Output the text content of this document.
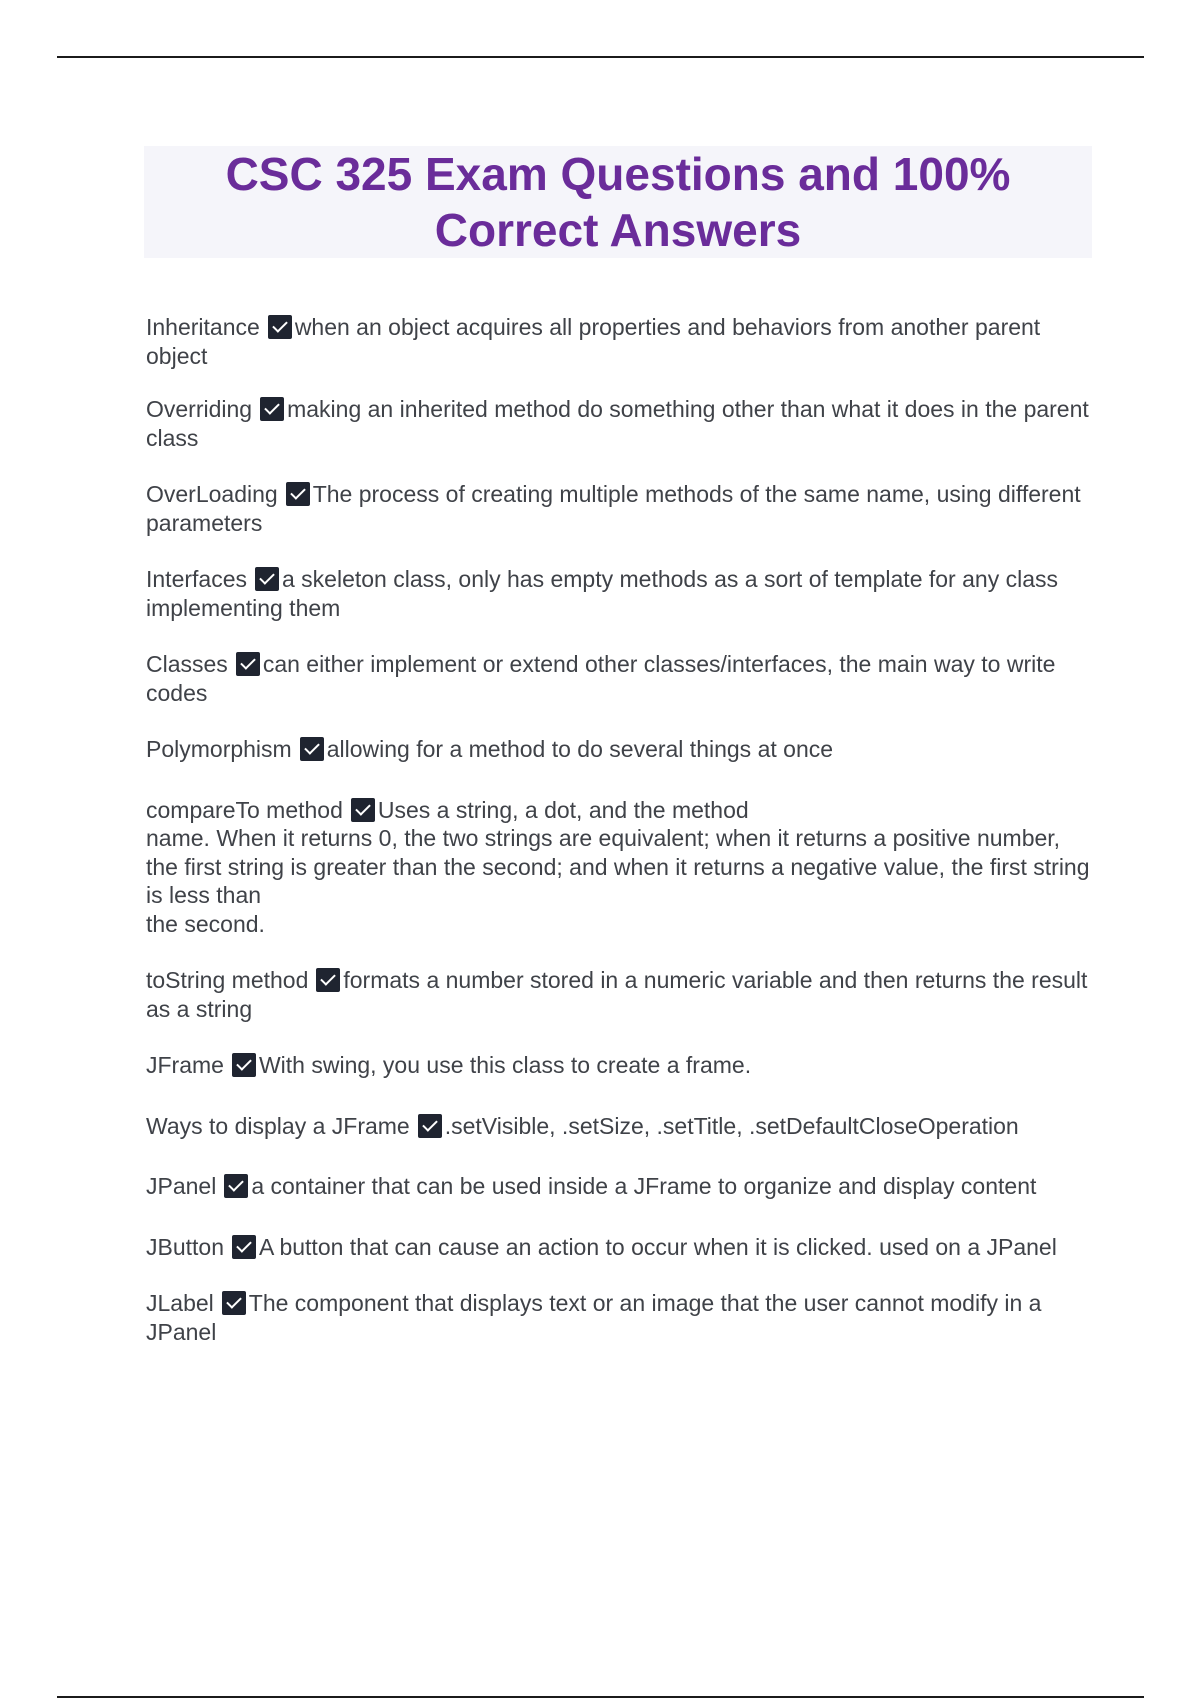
CSC 325 Exam Questions and 100% Correct Answers
Inheritance when an object acquires all properties and behaviors from another parent object
Overriding making an inherited method do something other than what it does in the parent class
OverLoading The process of creating multiple methods of the same name, using different parameters
Interfaces a skeleton class, only has empty methods as a sort of template for any class implementing them
Classes can either implement or extend other classes/interfaces, the main way to write codes
Polymorphism allowing for a method to do several things at once
compareTo method Uses a string, a dot, and the method
name. When it returns 0, the two strings are equivalent; when it returns a positive number, the first string is greater than the second; and when it returns a negative value, the first string is less than
the second.
toString method formats a number stored in a numeric variable and then returns the result as a string
JFrame With swing, you use this class to create a frame.
Ways to display a JFrame .setVisible, .setSize, .setTitle, .setDefaultCloseOperation
JPanel a container that can be used inside a JFrame to organize and display content
JButton A button that can cause an action to occur when it is clicked. used on a JPanel
JLabel The component that displays text or an image that the user cannot modify in a JPanel
